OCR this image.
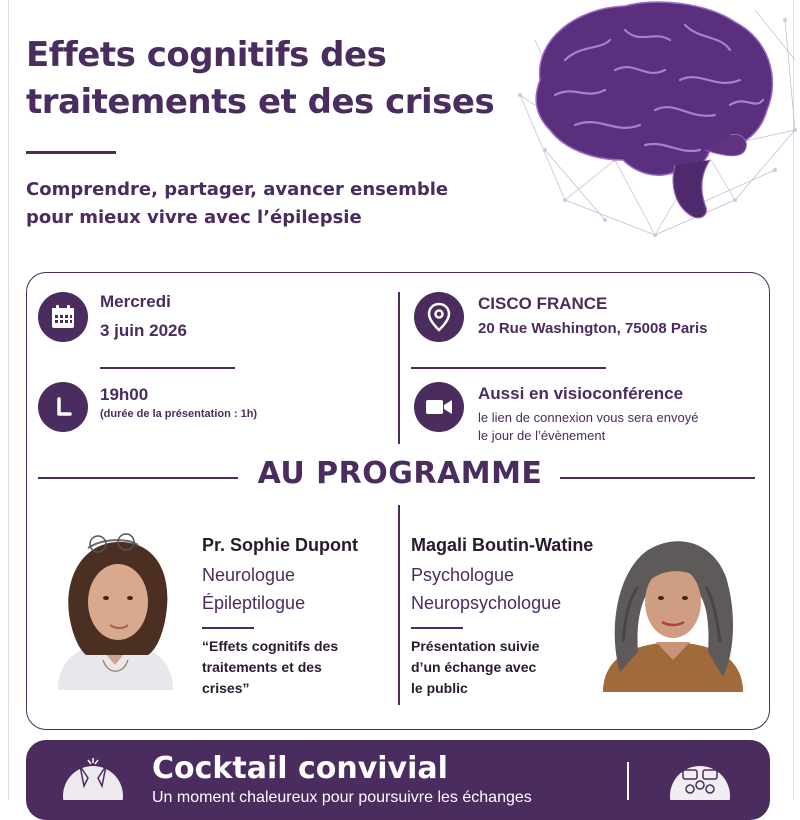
Effets cognitifs des
traitements et des crises

Comprendre, partager, avancer ensemble
pour mieux vivre avec l’épilepsie

Mercredi
3 juin 2026
19h00
(durée de la présentation : 1h)
CISCO FRANCE
20 Rue Washington, 75008 Paris
Aussi en visioconférence
le lien de connexion vous sera envoyé
le jour de l’évènement
AU PROGRAMME
Pr. Sophie Dupont
Neurologue
Épileptilogue
“Effets cognitifs des
traitements et des
crises”
Magali Boutin-Watine
Psychologue
Neuropsychologue
Présentation suivie
d’un échange avec
le public
Cocktail convivial
Un moment chaleureux pour poursuivre les échanges
